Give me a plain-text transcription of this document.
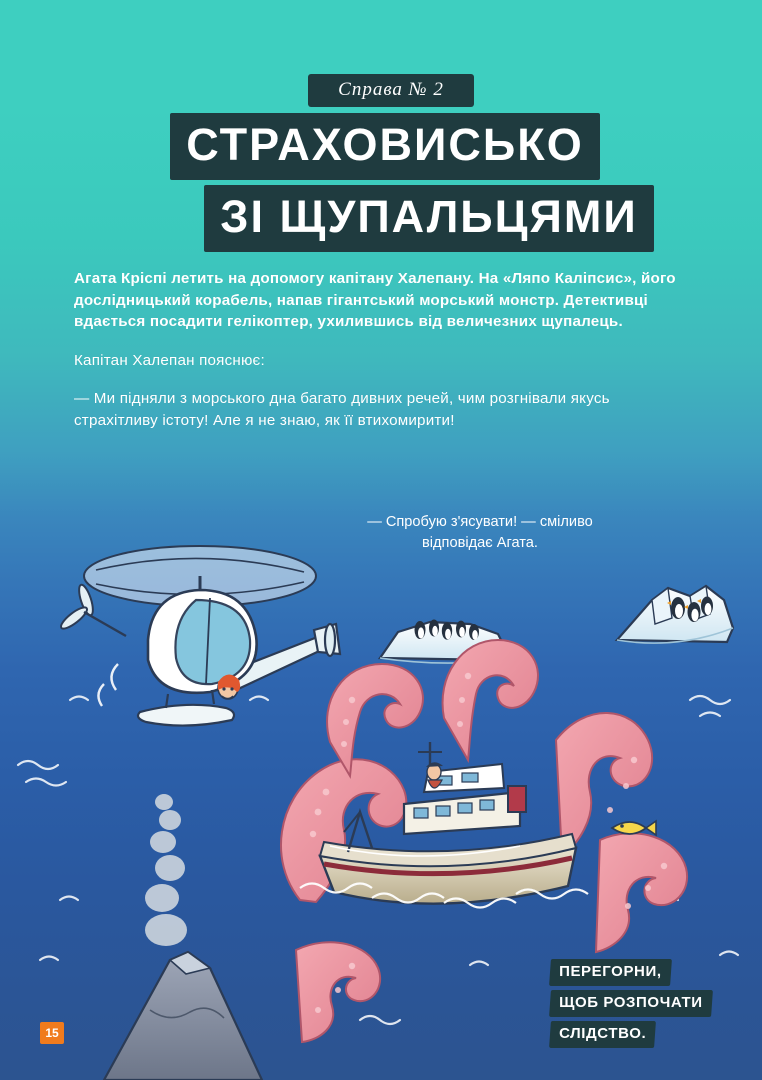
Справа № 2
СТРАХОВИСЬКО
ЗІ ЩУПАЛЬЦЯМИ

Агата Кріспі летить на допомогу капітану Халепану. На «Ляпо Каліпсис», його дослідницький корабель, напав гігантський морський монстр. Детективці вдається посадити гелікоптер, ухилившись від величезних щупалець.

Капітан Халепан пояснює:

— Ми підняли з морського дна багато дивних речей, чим розгнівали якусь страхітливу істоту! Але я не знаю, як її втихомирити!

— Спробую з'ясувати! — смiливо відповідає Агата.
15
ПЕРЕГОРНИ,
ЩОБ РОЗПОЧАТИ
СЛІДСТВО.
